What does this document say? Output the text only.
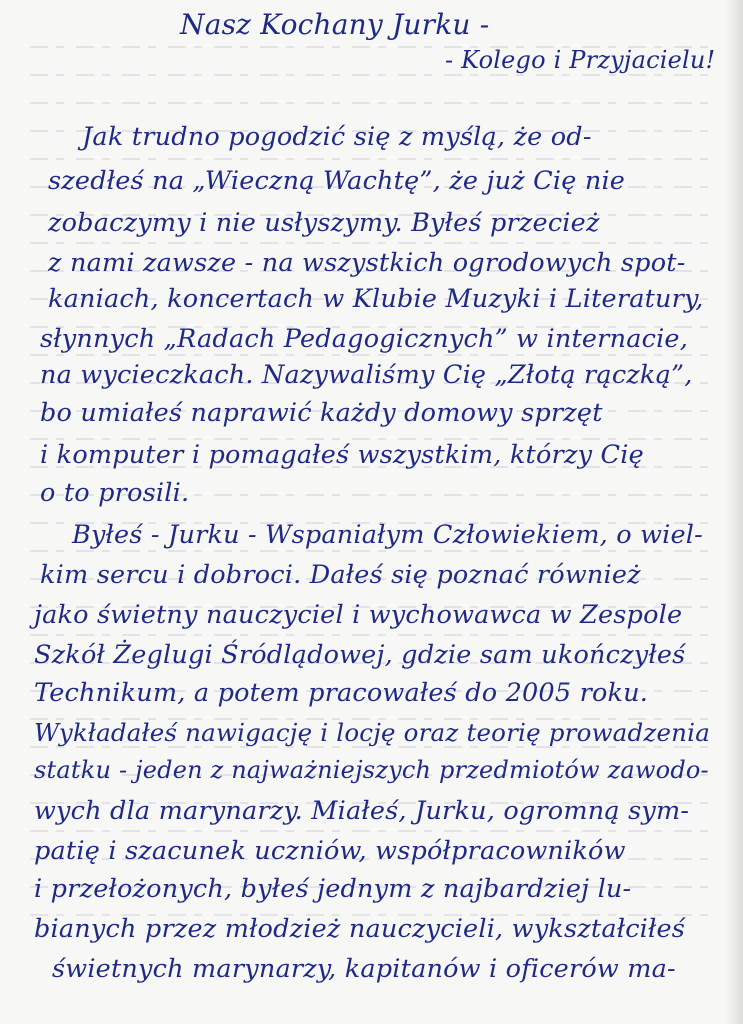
Nasz Kochany Jurku -
- Kolego i Przyjacielu!
Jak trudno pogodzić się z myślą, że od-
szedłeś na „Wieczną Wachtę”, że już Cię nie
zobaczymy i nie usłyszymy. Byłeś przecież
z nami zawsze - na wszystkich ogrodowych spot-
kaniach, koncertach w Klubie Muzyki i Literatury,
słynnych „Radach Pedagogicznych” w internacie,
na wycieczkach. Nazywaliśmy Cię „Złotą rączką”,
bo umiałeś naprawić każdy domowy sprzęt
i komputer i pomagałeś wszystkim, którzy Cię
o to prosili.
Byłeś - Jurku - Wspaniałym Człowiekiem, o wiel-
kim sercu i dobroci. Dałeś się poznać również
jako świetny nauczyciel i wychowawca w Zespole
Szkół Żeglugi Śródlądowej, gdzie sam ukończyłeś
Technikum, a potem pracowałeś do 2005 roku.
Wykładałeś nawigację i locję oraz teorię prowadzenia
statku - jeden z najważniejszych przedmiotów zawodo-
wych dla marynarzy. Miałeś, Jurku, ogromną sym-
patię i szacunek uczniów, współpracowników
i przełożonych, byłeś jednym z najbardziej lu-
bianych przez młodzież nauczycieli, wykształciłeś
świetnych marynarzy, kapitanów i oficerów ma-
